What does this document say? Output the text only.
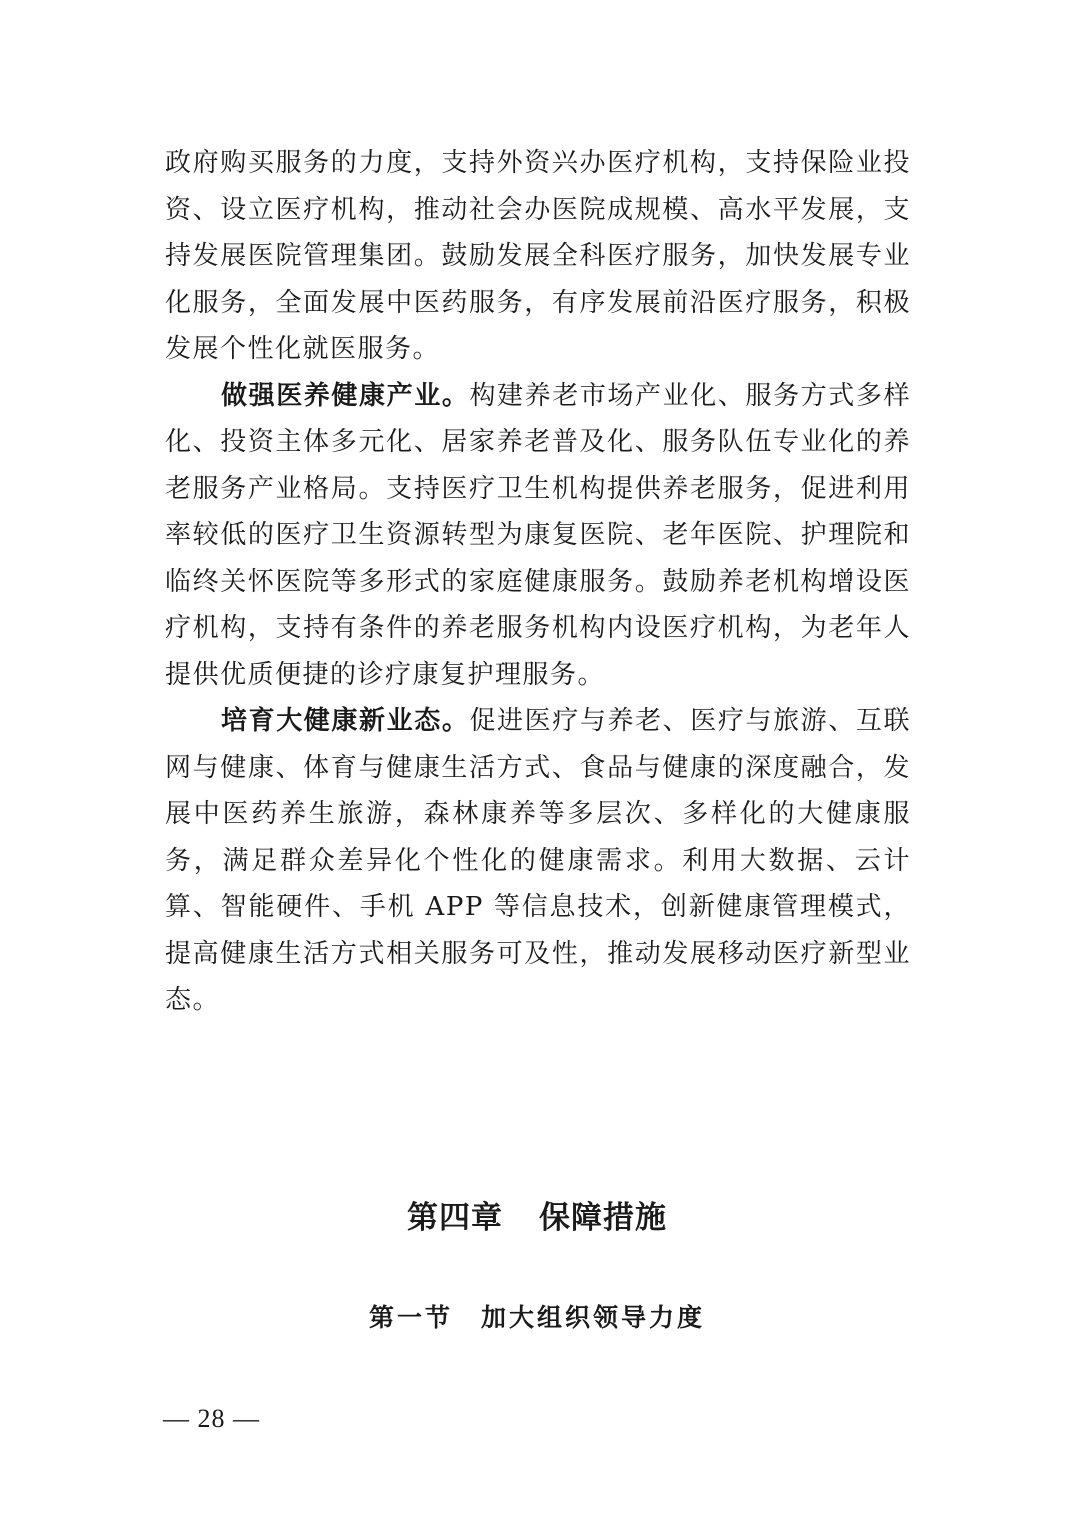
政府购买服务的力度，支持外资兴办医疗机构，支持保险业投资、设立医疗机构，推动社会办医院成规模、高水平发展，支持发展医院管理集团。鼓励发展全科医疗服务，加快发展专业化服务，全面发展中医药服务，有序发展前沿医疗服务，积极发展个性化就医服务。

做强医养健康产业。构建养老市场产业化、服务方式多样化、投资主体多元化、居家养老普及化、服务队伍专业化的养老服务产业格局。支持医疗卫生机构提供养老服务，促进利用率较低的医疗卫生资源转型为康复医院、老年医院、护理院和临终关怀医院等多形式的家庭健康服务。鼓励养老机构增设医疗机构，支持有条件的养老服务机构内设医疗机构，为老年人提供优质便捷的诊疗康复护理服务。

培育大健康新业态。促进医疗与养老、医疗与旅游、互联网与健康、体育与健康生活方式、食品与健康的深度融合，发展中医药养生旅游，森林康养等多层次、多样化的大健康服务，满足群众差异化个性化的健康需求。利用大数据、云计算、智能硬件、手机 APP 等信息技术，创新健康管理模式，提高健康生活方式相关服务可及性，推动发展移动医疗新型业态。

第四章 保障措施
第一节 加大组织领导力度
— 28 —
